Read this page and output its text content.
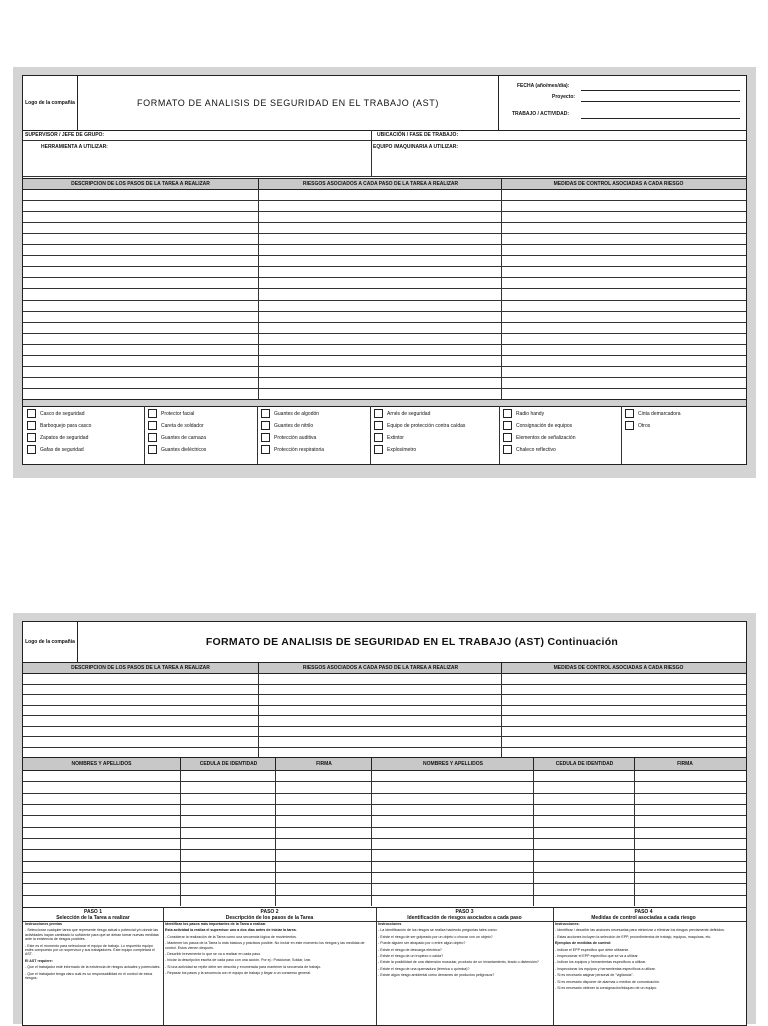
Logo de la compañía	FORMATO DE ANALISIS DE SEGURIDAD EN EL TRABAJO (AST)
FECHA (año/mes/día):
Proyecto:
TRABAJO / ACTIVIDAD:
SUPERVISOR / JEFE DE GRUPO:	UBICACIÓN / FASE DE TRABAJO:
HERRAMIENTA A UTILIZAR:	EQUIPO /MAQUINARIA A UTILIZAR:
DESCRIPCION DE LOS PASOS DE LA TAREA A REALIZAR	RIESGOS ASOCIADOS A CADA PASO DE LA TAREA A REALIZAR	MEDIDAS DE CONTROL ASOCIADAS A CADA RIESGO
Casco de seguridad
Barboquejo para casco
Zapatos de seguridad
Gafas de seguridad
Protector facial
Careta de soldador
Guantes de carnaza
Guantes dieléctricos
Guantes de algodón
Guantes de nitrilo
Protección auditiva
Protección respiratoria
Arnés de seguridad
Equipo de protección contra caídas
Extintor
Explosímetro
Radio handy
Consignación de equipos
Elementos de señalización
Chaleco reflectivo
Cinta demarcadora
Otros
Logo de la compañía	FORMATO DE ANALISIS DE SEGURIDAD EN EL TRABAJO (AST) Continuación
DESCRIPCION DE LOS PASOS DE LA TAREA A REALIZAR	RIESGOS ASOCIADOS A CADA PASO DE LA TAREA A REALIZAR	MEDIDAS DE CONTROL ASOCIADAS A CADA RIESGO
NOMBRES Y APELLIDOS	CEDULA DE IDENTIDAD	FIRMA	NOMBRES Y APELLIDOS	CEDULA DE IDENTIDAD	FIRMA
PASO 1
Selección de la Tarea a realizar

Instrucciones previas

- Seleccionar cualquier tarea que represente riesgo actual o potencial y/o donde las actividades hayan cambiado lo suficiente para que se deban tomar nuevas medidas ante la existencia de riesgos posibles.

- Este es el momento para seleccionar el equipo de trabajo. Lo requerido equipo estés compuesto por un supervisor y sus trabajadores. Este equipo completará el AST.

El AST requiere:

- Que el trabajador esté informado de la existencia de riesgos actuales y potenciales.

- Que el trabajador tenga claro cuál es su responsabilidad en el control de estos riesgos.

PASO 2
Descripción de los pasos de la Tarea

Identificar los pasos más importantes de la Tarea a realizar

Esta actividad la realiza el supervisor uno a dos días antes de iniciar la tarea.

- Considerar la realización de la Tarea como una secuencia lógica de movimientos.

- Mantener los pasos de la Tarea lo más básicos y prácticos posible. No incluir en este momento los riesgos y las medidas de control. Estos vienen después.

- Describir brevemente lo que se va a realizar en cada paso.

- Iniciar la descripción escrita de cada paso con una acción. Por ej.: Posicionar, Soldar, Izar.

- Si una actividad se repite debe ser descrita y enumerada para mantener la secuencia de trabajo.

- Repasar los pasos y la secuencia con el equipo de trabajo y llegar a un consenso general.

PASO 3
Identificación de riesgos asociados a cada paso

Instrucciones

- La identificación de los riesgos se realiza haciendo preguntas tales como:

- Existe el riesgo de ser golpeado por un objeto o chocar con un objeto?

- Puede alguien ser atrapado por o entre algún objeto?

- Existe el riesgo de descarga eléctrica?

- Existe el riesgo de un tropiezo o caída?

- Existe la posibilidad de una distensión muscular, producto de un levantamiento, tirado o distensión?

- Existe el riesgo de una quemadura (térmica o química)?

- Existe algún riesgo ambiental como derrames de productos peligrosos?

PASO 4
Medidas de control asociadas a cada riesgo

Instrucciones:

- Identificar / describir las acciones necesarias para minimizar o eliminar los riesgos previamente definidos.

- Estas acciones incluyen la selección de EPP, procedimientos de trabajo, equipos, maquinas, etc.

Ejemplos de medidas de control:

- Indicar el EPP específico que debe utilizarse.

- Inspeccionar el EPP específico que se va a utilizar.

- Indicar los equipos y herramientas específicos a utilizar.

- Inspeccionar los equipos y herramientas específicos a utilizar.

- Si es necesario asignar personal de "vigilancia".

- Si es necesario disponer de alarmas o medios de comunicación.

- Si es necesario obtener la consignación/bloqueo de un equipo.
